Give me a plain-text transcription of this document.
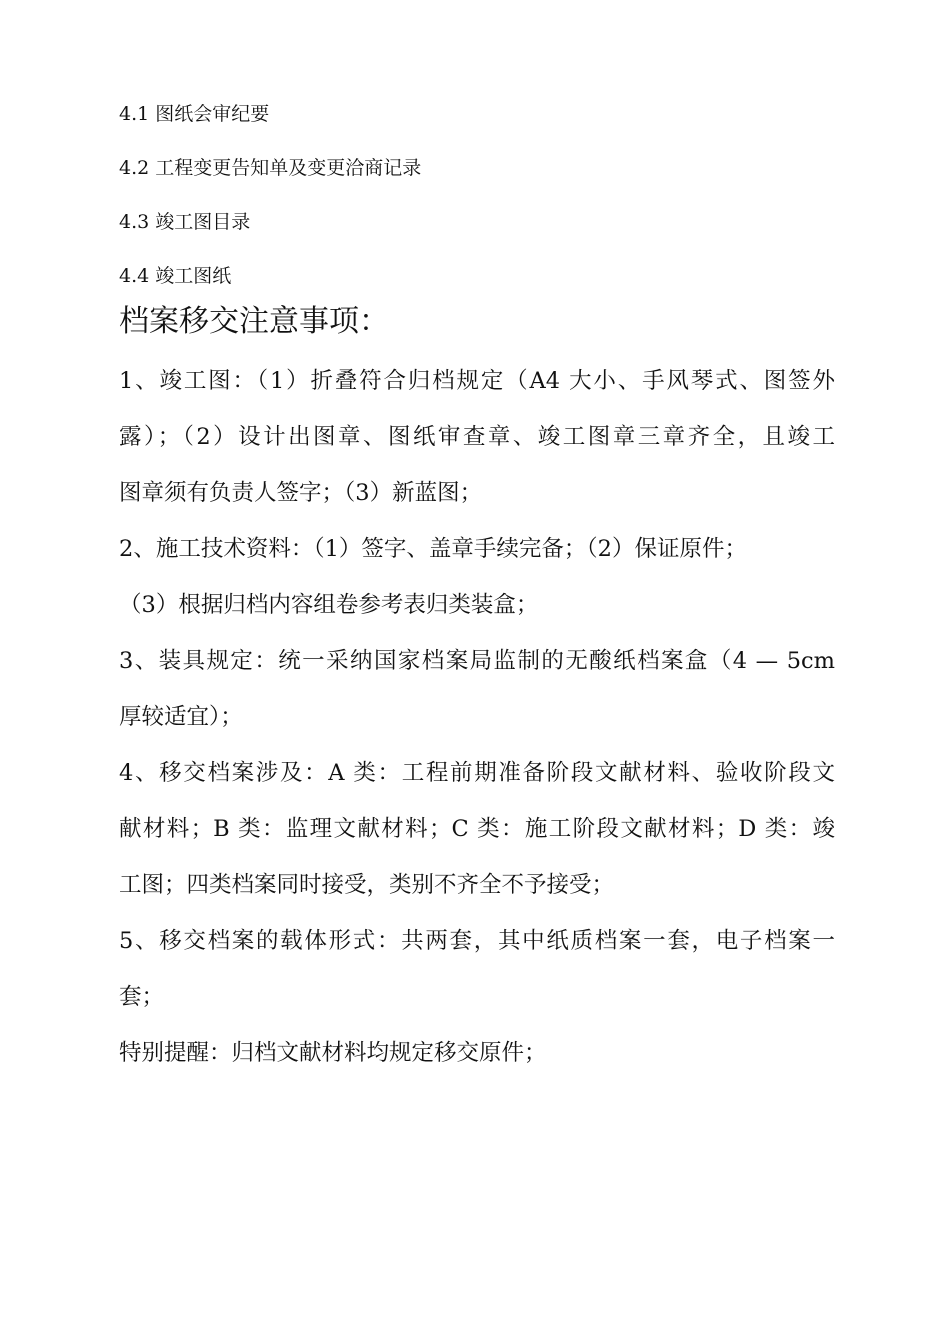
4.1 图纸会审纪要
4.2 工程变更告知单及变更洽商记录
4.3 竣工图目录
4.4 竣工图纸
档案移交注意事项：
1、竣工图：（1）折叠符合归档规定（A4 大小、手风琴式、图签外
露）；（2）设计出图章、图纸审查章、竣工图章三章齐全，且竣工
图章须有负责人签字；（3）新蓝图；
2、施工技术资料：（1）签字、盖章手续完备；（2）保证原件；
（3）根据归档内容组卷参考表归类装盒；
3、装具规定：统一采纳国家档案局监制的无酸纸档案盒（4 — 5cm
厚较适宜）；
4、移交档案涉及：A 类：工程前期准备阶段文献材料、验收阶段文
献材料；B 类：监理文献材料；C 类：施工阶段文献材料；D 类：竣
工图；四类档案同时接受，类别不齐全不予接受；
5、移交档案的载体形式：共两套，其中纸质档案一套，电子档案一
套；
特别提醒：归档文献材料均规定移交原件；
